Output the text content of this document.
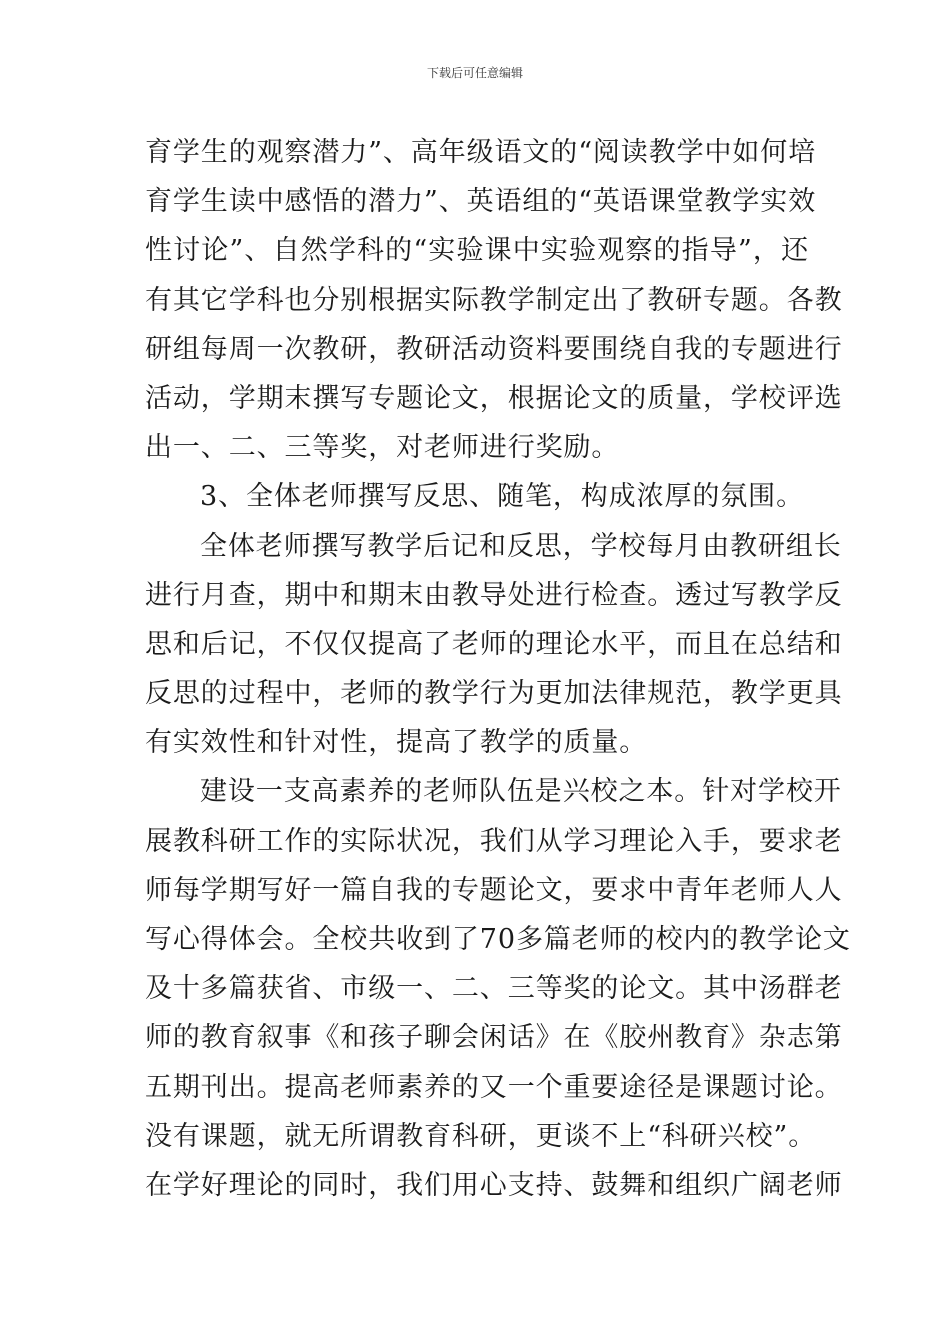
下载后可任意编辑
育学生的观察潜力”、高年级语文的“阅读教学中如何培
育学生读中感悟的潜力”、英语组的“英语课堂教学实效
性讨论”、自然学科的“实验课中实验观察的指导”，还
有其它学科也分别根据实际教学制定出了教研专题。各教
研组每周一次教研，教研活动资料要围绕自我的专题进行
活动，学期末撰写专题论文，根据论文的质量，学校评选
出一、二、三等奖，对老师进行奖励。
3、全体老师撰写反思、随笔，构成浓厚的氛围。
全体老师撰写教学后记和反思，学校每月由教研组长
进行月查，期中和期末由教导处进行检查。透过写教学反
思和后记，不仅仅提高了老师的理论水平，而且在总结和
反思的过程中，老师的教学行为更加法律规范，教学更具
有实效性和针对性，提高了教学的质量。
建设一支高素养的老师队伍是兴校之本。针对学校开
展教科研工作的实际状况，我们从学习理论入手，要求老
师每学期写好一篇自我的专题论文，要求中青年老师人人
写心得体会。全校共收到了70多篇老师的校内的教学论文
及十多篇获省、市级一、二、三等奖的论文。其中汤群老
师的教育叙事《和孩子聊会闲话》在《胶州教育》杂志第
五期刊出。提高老师素养的又一个重要途径是课题讨论。
没有课题，就无所谓教育科研，更谈不上“科研兴校”。
在学好理论的同时，我们用心支持、鼓舞和组织广阔老师
